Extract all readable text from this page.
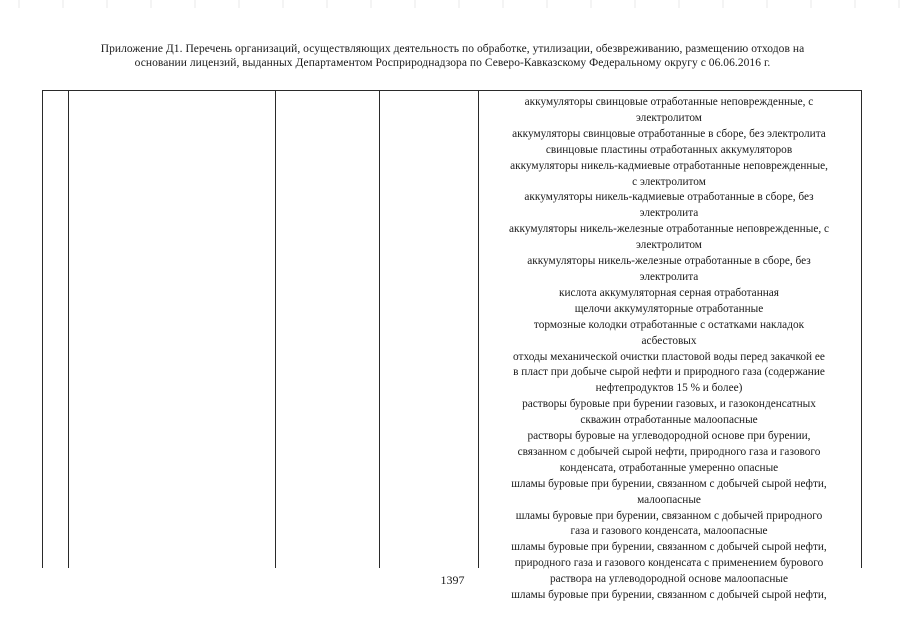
Приложение Д1. Перечень организаций, осуществляющих деятельность по обработке, утилизации, обезвреживанию, размещению отходов на
основании лицензий, выданных Департаментом Росприроднадзора по Северо-Кавказскому Федеральному округу с 06.06.2016 г.
аккумуляторы свинцовые отработанные неповрежденные, с
электролитом
аккумуляторы свинцовые отработанные в сборе, без электролита
свинцовые пластины отработанных аккумуляторов
аккумуляторы никель-кадмиевые отработанные неповрежденные,
с электролитом
аккумуляторы никель-кадмиевые отработанные в сборе, без
электролита
аккумуляторы никель-железные отработанные неповрежденные, с
электролитом
аккумуляторы никель-железные отработанные в сборе, без
электролита
кислота аккумуляторная серная отработанная
щелочи аккумуляторные отработанные
тормозные колодки отработанные с остатками накладок
асбестовых
отходы механической очистки пластовой воды перед закачкой ее
в пласт при добыче сырой нефти и природного газа (содержание
нефтепродуктов 15 % и более)
растворы буровые при бурении газовых, и газоконденсатных
скважин отработанные малоопасные
растворы буровые на углеводородной основе при бурении,
связанном с добычей сырой нефти, природного газа и газового
конденсата, отработанные умеренно опасные
шламы буровые при бурении, связанном с добычей сырой нефти,
малоопасные
шламы буровые при бурении, связанном с добычей природного
газа и газового конденсата, малоопасные
шламы буровые при бурении, связанном с добычей сырой нефти,
природного газа и газового конденсата с применением бурового
раствора на углеводородной основе малоопасные
шламы буровые при бурении, связанном с добычей сырой нефти,
1397
